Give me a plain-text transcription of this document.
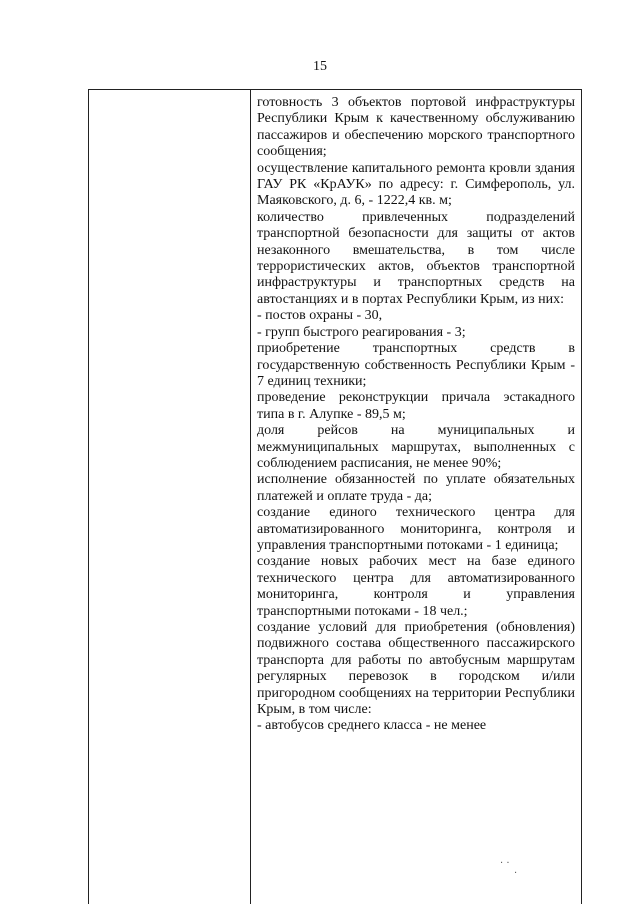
15
готовность 3 объектов портовой инфраструктуры Республики Крым к качественному обслуживанию пассажиров и обеспечению морского транспортного сообщения;
осуществление капитального ремонта кровли здания ГАУ РК «КрАУК» по адресу: г. Симферополь, ул. Маяковского, д. 6, - 1222,4 кв. м;
количество привлеченных подразделений транспортной безопасности для защиты от актов незаконного вмешательства, в том числе террористических актов, объектов транспортной инфраструктуры и транспортных средств на автостанциях и в портах Республики Крым, из них:
- постов охраны - 30,
- групп быстрого реагирования - 3;
приобретение транспортных средств в государственную собственность Республики Крым - 7 единиц техники;
проведение реконструкции причала эстакадного типа в г. Алупке - 89,5 м;
доля рейсов на муниципальных и межмуниципальных маршрутах, выполненных с соблюдением расписания, не менее 90%;
исполнение обязанностей по уплате обязательных платежей и оплате труда - да;
создание единого технического центра для автоматизированного мониторинга, контроля и управления транспортными потоками - 1 единица;
создание новых рабочих мест на базе единого технического центра для автоматизированного мониторинга, контроля и управления транспортными потоками - 18 чел.;
создание условий для приобретения (обновления) подвижного состава общественного пассажирского транспорта для работы по автобусным маршрутам регулярных перевозок в городском и/или пригородном сообщениях на территории Республики Крым, в том числе:
- автобусов среднего класса - не менее
· ·
·
